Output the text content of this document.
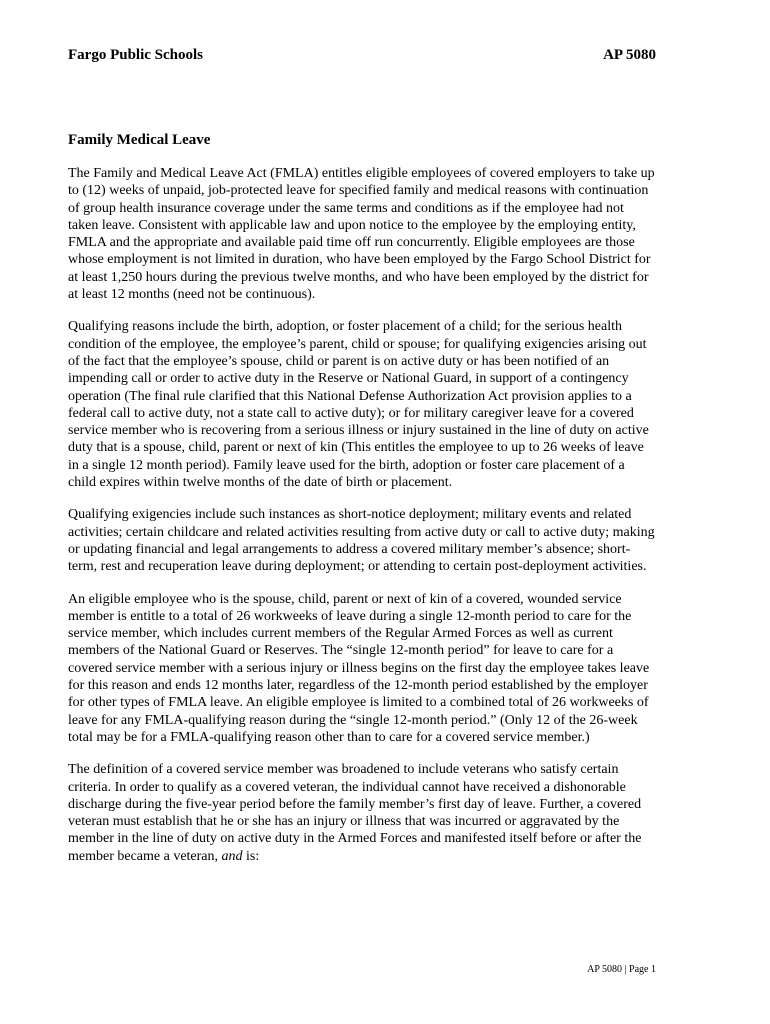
Fargo Public Schools	AP 5080
Family Medical Leave

The Family and Medical Leave Act (FMLA) entitles eligible employees of covered employers to take up
to (12) weeks of unpaid, job-protected leave for specified family and medical reasons with continuation
of group health insurance coverage under the same terms and conditions as if the employee had not
taken leave. Consistent with applicable law and upon notice to the employee by the employing entity,
FMLA and the appropriate and available paid time off run concurrently. Eligible employees are those
whose employment is not limited in duration, who have been employed by the Fargo School District for
at least 1,250 hours during the previous twelve months, and who have been employed by the district for
at least 12 months (need not be continuous).

Qualifying reasons include the birth, adoption, or foster placement of a child; for the serious health
condition of the employee, the employee’s parent, child or spouse; for qualifying exigencies arising out
of the fact that the employee’s spouse, child or parent is on active duty or has been notified of an
impending call or order to active duty in the Reserve or National Guard, in support of a contingency
operation (The final rule clarified that this National Defense Authorization Act provision applies to a
federal call to active duty, not a state call to active duty); or for military caregiver leave for a covered
service member who is recovering from a serious illness or injury sustained in the line of duty on active
duty that is a spouse, child, parent or next of kin (This entitles the employee to up to 26 weeks of leave
in a single 12 month period). Family leave used for the birth, adoption or foster care placement of a
child expires within twelve months of the date of birth or placement.

Qualifying exigencies include such instances as short-notice deployment; military events and related
activities; certain childcare and related activities resulting from active duty or call to active duty; making
or updating financial and legal arrangements to address a covered military member’s absence; short-
term, rest and recuperation leave during deployment; or attending to certain post-deployment activities.

An eligible employee who is the spouse, child, parent or next of kin of a covered, wounded service
member is entitle to a total of 26 workweeks of leave during a single 12-month period to care for the
service member, which includes current members of the Regular Armed Forces as well as current
members of the National Guard or Reserves. The “single 12-month period” for leave to care for a
covered service member with a serious injury or illness begins on the first day the employee takes leave
for this reason and ends 12 months later, regardless of the 12-month period established by the employer
for other types of FMLA leave. An eligible employee is limited to a combined total of 26 workweeks of
leave for any FMLA-qualifying reason during the “single 12-month period.” (Only 12 of the 26-week
total may be for a FMLA-qualifying reason other than to care for a covered service member.)

The definition of a covered service member was broadened to include veterans who satisfy certain
criteria. In order to qualify as a covered veteran, the individual cannot have received a dishonorable
discharge during the five-year period before the family member’s first day of leave. Further, a covered
veteran must establish that he or she has an injury or illness that was incurred or aggravated by the
member in the line of duty on active duty in the Armed Forces and manifested itself before or after the
member became a veteran, and is:

AP 5080 | Page 1
